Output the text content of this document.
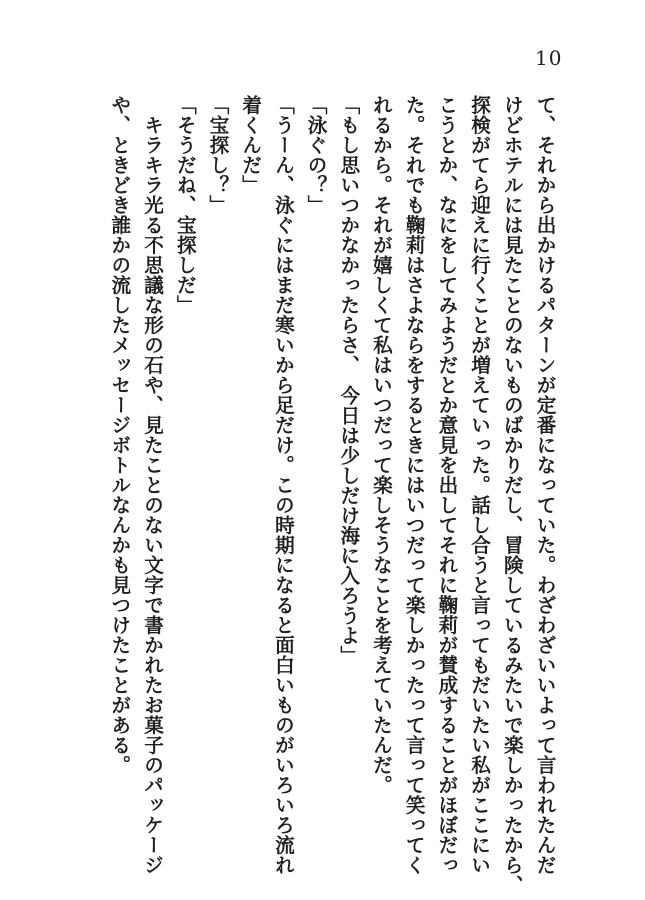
10
て、それから出かけるパターンが定番になっていた。わざわざいいよって言われたんだ
けどホテルには見たことのないものばかりだし、冒険しているみたいで楽しかったから、
探検がてら迎えに行くことが増えていった。話し合うと言ってもだいたい私がここにい
こうとか、なにをしてみようだとか意見を出してそれに鞠莉が賛成することがほぼだっ
た。それでも鞠莉はさよならをするときにはいつだって楽しかったって言って笑ってく
れるから。それが嬉しくて私はいつだって楽しそうなことを考えていたんだ。
「もし思いつかなかったらさ、　今日は少しだけ海に入ろうよ」
「泳ぐの？」
「うーん、泳ぐにはまだ寒いから足だけ。この時期になると面白いものがいろいろ流れ
着くんだ」
「宝探し？」
「そうだね、宝探しだ」
　キラキラ光る不思議な形の石や、見たことのない文字で書かれたお菓子のパッケージ
や、ときどき誰かの流したメッセージボトルなんかも見つけたことがある。
